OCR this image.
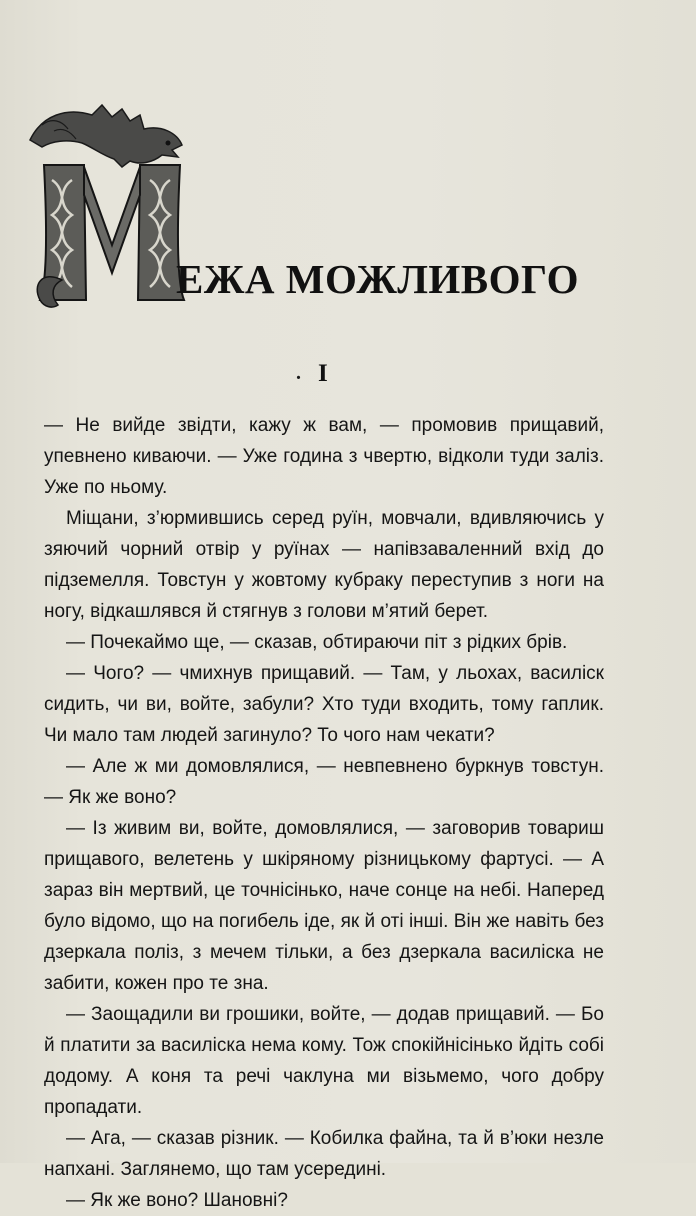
ЕЖА МОЖЛИВОГО
. I

— Не вийде звідти, кажу ж вам, — промовив прищавий, упевнено киваючи. — Уже година з чвертю, відколи туди заліз. Уже по ньому.

Міщани, з’юрмившись серед руїн, мовчали, вдивляючись у зяючий чорний отвір у руїнах — напівзаваленний вхід до підземелля. Товстун у жовтому кубраку переступив з ноги на ногу, відкашлявся й стягнув з голови м’ятий берет.

— Почекаймо ще, — сказав, обтираючи піт з рідких брів.

— Чого? — чмихнув прищавий. — Там, у льохах, василіск сидить, чи ви, войте, забули? Хто туди входить, тому гаплик. Чи мало там людей загинуло? То чого нам чекати?

— Але ж ми домовлялися, — невпевнено буркнув товстун. — Як же воно?

— Із живим ви, войте, домовлялися, — заговорив товариш прищавого, велетень у шкіряному різницькому фартусі. — А зараз він мертвий, це точнісінько, наче сонце на небі. Наперед було відомо, що на погибель іде, як й оті інші. Він же навіть без дзеркала поліз, з мечем тільки, а без дзеркала василіска не забити, кожен про те зна.

— Заощадили ви грошики, войте, — додав прищавий. — Бо й платити за василіска нема кому. Тож спокійнісінько йдіть собі додому. А коня та речі чаклуна ми візьмемо, чого добру пропадати.

— Ага, — сказав різник. — Кобилка файна, та й в’юки незле напхані. Заглянемо, що там усередині.

— Як же воно? Шановні?
